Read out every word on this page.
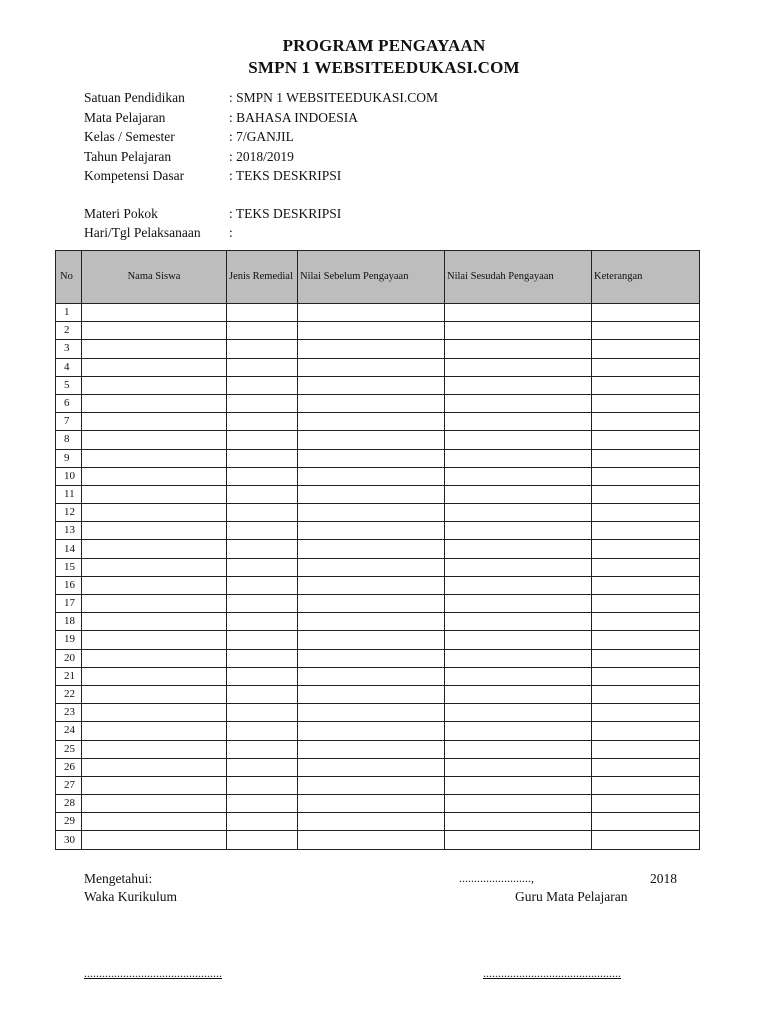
PROGRAM PENGAYAAN
SMPN 1 WEBSITEEDUKASI.COM
Satuan Pendidikan	: SMPN 1 WEBSITEEDUKASI.COM
Mata Pelajaran	: BAHASA INDOESIA
Kelas / Semester	: 7/GANJIL
Tahun Pelajaran	: 2018/2019
Kompetensi Dasar	: TEKS DESKRIPSI
Materi Pokok	: TEKS DESKRIPSI
Hari/Tgl Pelaksanaan	:
No	Nama Siswa	Jenis Remedial	Nilai Sebelum Pengayaan	Nilai Sesudah Pengayaan	Keterangan
1					
2					
3					
4					
5					
6					
7					
8					
9					
10					
11					
12					
13					
14					
15					
16					
17					
18					
19					
20					
21					
22					
23					
24					
25					
26					
27					
28					
29					
30					
Mengetahui:
Waka Kurikulum
........................,	2018
Guru Mata Pelajaran
..............................................	..............................................
